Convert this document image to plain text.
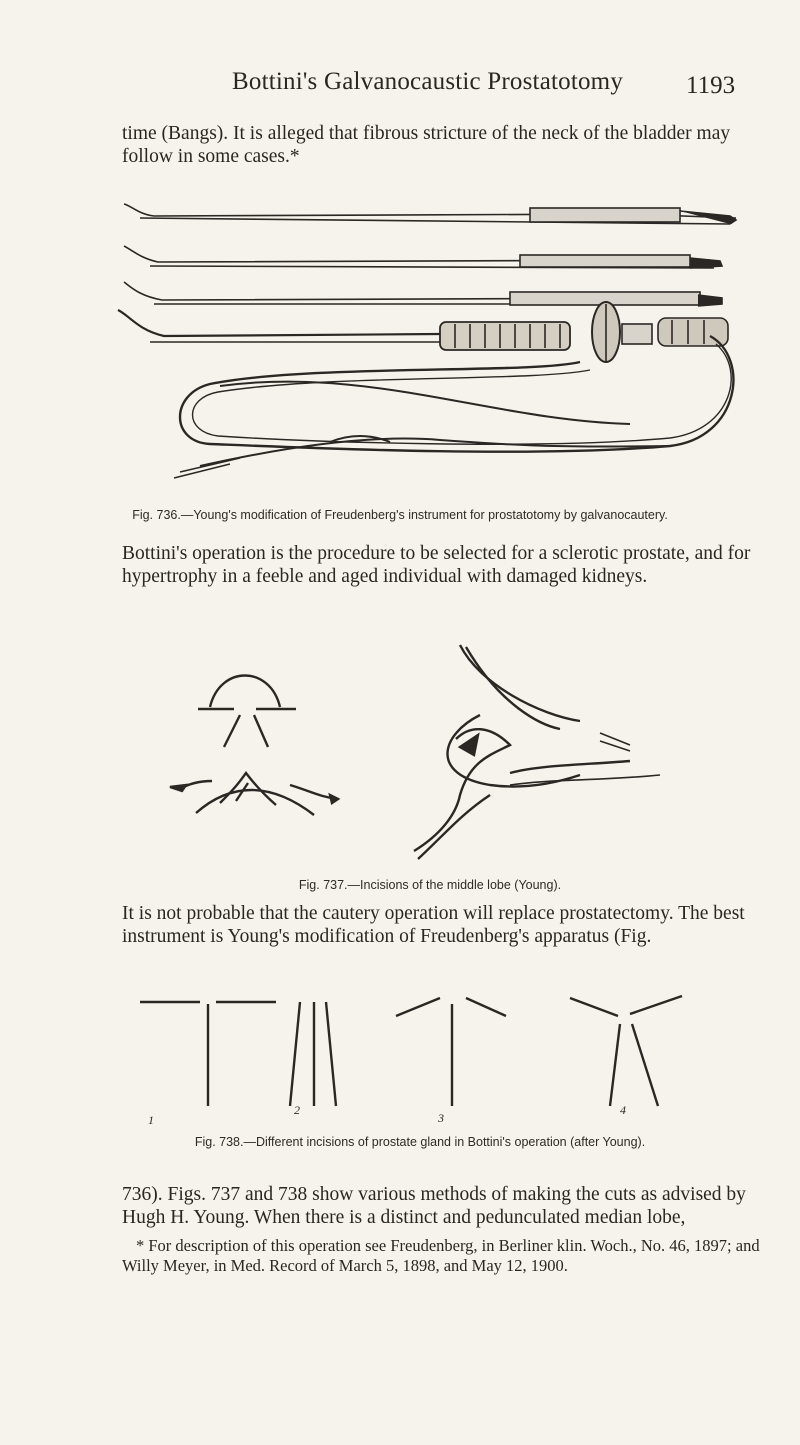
Bottini's Galvanocaustic Prostatotomy	1193

time (Bangs). It is alleged that fibrous stricture of the neck of the bladder may follow in some cases.*

Fig. 736.—Young's modification of Freudenberg's instrument for prostatotomy by galvanocautery.

Bottini's operation is the procedure to be selected for a sclerotic prostate, and for hypertrophy in a feeble and aged individual with damaged kidneys.

Fig. 737.—Incisions of the middle lobe (Young).

It is not probable that the cautery operation will replace prostatectomy. The best instrument is Young's modification of Freudenberg's apparatus (Fig.

1
2
3
4

Fig. 738.—Different incisions of prostate gland in Bottini's operation (after Young).

736). Figs. 737 and 738 show various methods of making the cuts as advised by Hugh H. Young. When there is a distinct and pedunculated median lobe,

* For description of this operation see Freudenberg, in Berliner klin. Woch., No. 46, 1897; and Willy Meyer, in Med. Record of March 5, 1898, and May 12, 1900.
